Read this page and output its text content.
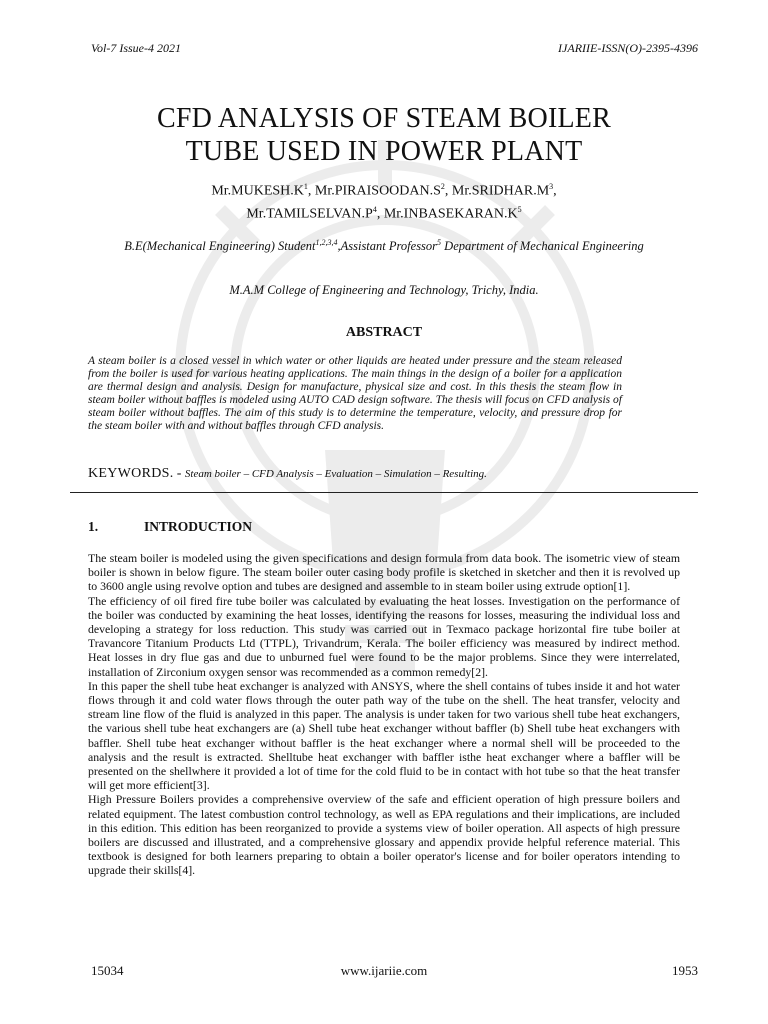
Vol-7 Issue-4 2021	IJARIIE-ISSN(O)-2395-4396
CFD ANALYSIS OF STEAM BOILER
TUBE USED IN POWER PLANT
$Mr.MUKESH.K^1$, $Mr.PIRAISOODAN.S^2$, $Mr.SRIDHAR.M^3$,
$Mr.TAMILSELVAN.P^4$, $Mr.INBASEKARAN.K^5$
B.E(Mechanical Engineering) Student$^{1,2,3,4}$,Assistant Professor$^5$ Department of Mechanical Engineering
M.A.M College of Engineering and Technology, Trichy, India.
ABSTRACT
A steam boiler is a closed vessel in which water or other liquids are heated under pressure and the steam released from the boiler is used for various heating applications. The main things in the design of a boiler for a application are thermal design and analysis. Design for manufacture, physical size and cost. In this thesis the steam flow in steam boiler without baffles is modeled using AUTO CAD design software. The thesis will focus on CFD analysis of steam boiler without baffles. The aim of this study is to determine the temperature, velocity, and pressure drop for the steam boiler with and without baffles through CFD analysis.
KEYWORDS. - Steam boiler – CFD Analysis – Evaluation – Simulation – Resulting.
1.	INTRODUCTION

The steam boiler is modeled using the given specifications and design formula from data book. The isometric view of steam boiler is shown in below figure. The steam boiler outer casing body profile is sketched in sketcher and then it is revolved up to 3600 angle using revolve option and tubes are designed and assemble to in steam boiler using extrude option[1].

The efficiency of oil fired fire tube boiler was calculated by evaluating the heat losses. Investigation on the performance of the boiler was conducted by examining the heat losses, identifying the reasons for losses, measuring the individual loss and developing a strategy for loss reduction. This study was carried out in Texmaco package horizontal fire tube boiler at Travancore Titanium Products Ltd (TTPL), Trivandrum, Kerala. The boiler efficiency was measured by indirect method. Heat losses in dry flue gas and due to unburned fuel were found to be the major problems. Since they were interrelated, installation of Zirconium oxygen sensor was recommended as a common remedy[2].

In this paper the shell tube heat exchanger is analyzed with ANSYS, where the shell contains of tubes inside it and hot water flows through it and cold water flows through the outer path way of the tube on the shell. The heat transfer, velocity and stream line flow of the fluid is analyzed in this paper. The analysis is under taken for two various shell tube heat exchangers, the various shell tube heat exchangers are (a) Shell tube heat exchanger without baffler (b) Shell tube heat exchangers with baffler. Shell tube heat exchanger without baffler is the heat exchanger where a normal shell will be proceeded to the analysis and the result is extracted. Shelltube heat exchanger with baffler isthe heat exchanger where a baffler will be presented on the shellwhere it provided a lot of time for the cold fluid to be in contact with hot tube so that the heat transfer will get more efficient[3].

High Pressure Boilers provides a comprehensive overview of the safe and efficient operation of high pressure boilers and related equipment. The latest combustion control technology, as well as EPA regulations and their implications, are included in this edition. This edition has been reorganized to provide a systems view of boiler operation. All aspects of high pressure boilers are discussed and illustrated, and a comprehensive glossary and appendix provide helpful reference material. This textbook is designed for both learners preparing to obtain a boiler operator's license and for boiler operators intending to upgrade their skills[4].

15034	www.ijariie.com	1953
